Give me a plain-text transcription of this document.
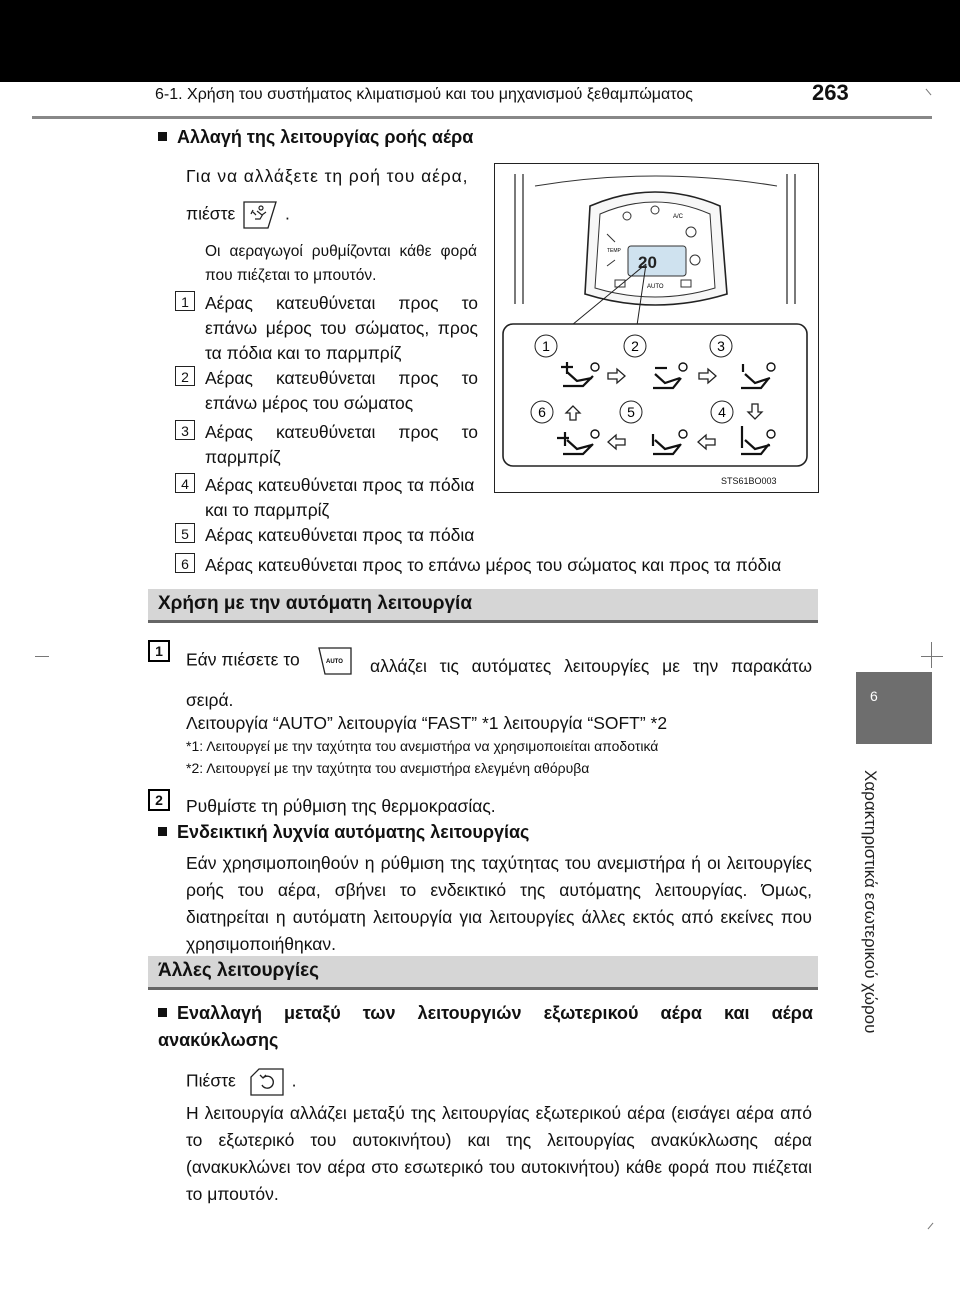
6-1. Χρήση του συστήματος κλιματισμού και του μηχανισμού ξεθαμπώματος	263
6
Χαρακτηριστικά εσωτερικού χώρου
Αλλαγή της λειτουργίας ροής αέρα
Για να αλλάξετε τη ροή του αέρα,
πιέστε	.
Οι αεραγωγοί ρυθμίζονται κάθε φορά που πιέζεται το μπουτόν.
1 Αέρας κατευθύνεται προς το επάνω μέρος του σώματος, προς τα πόδια και το παρμπρίζ
2 Αέρας κατευθύνεται προς το επάνω μέρος του σώματος
3 Αέρας κατευθύνεται προς το παρμπρίζ
4 Αέρας κατευθύνεται προς τα πόδια και το παρμπρίζ
5 Αέρας κατευθύνεται προς τα πόδια
6 Αέρας κατευθύνεται προς το επάνω μέρος του σώματος και προς τα πόδια
20
A/C
TEMP
AUTO
1	2	3
6	5	4
STS61BO003
Χρήση με την αυτόματη λειτουργία
1	Εάν πιέσετε το	AUTO	αλλάζει τις αυτόματες λειτουργίες με την παρακάτω σειρά.
Λειτουργία “AUTO” λειτουργία “FAST” *1 λειτουργία “SOFT” *2
*1: Λειτουργεί με την ταχύτητα του ανεμιστήρα να χρησιμοποιείται αποδοτικά
*2: Λειτουργεί με την ταχύτητα του ανεμιστήρα ελεγμένη αθόρυβα
2	Ρυθμίστε τη ρύθμιση της θερμοκρασίας.
Ενδεικτική λυχνία αυτόματης λειτουργίας
Εάν χρησιμοποιηθούν η ρύθμιση της ταχύτητας του ανεμιστήρα ή οι λειτουργίες ροής του αέρα, σβήνει το ενδεικτικό της αυτόματης λειτουργίας. Όμως, διατηρείται η αυτόματη λειτουργία για λειτουργίες άλλες εκτός από εκείνες που χρησιμοποιήθηκαν.
Άλλες λειτουργίες
Εναλλαγή μεταξύ των λειτουργιών εξωτερικού αέρα και αέρα ανακύκλωσης
Πιέστε	.
Η λειτουργία αλλάζει μεταξύ της λειτουργίας εξωτερικού αέρα (εισάγει αέρα από το εξωτερικό του αυτοκινήτου) και της λειτουργίας ανακύκλωσης αέρα (ανακυκλώνει τον αέρα στο εσωτερικό του αυτοκινήτου) κάθε φορά που πιέζεται το μπουτόν.
